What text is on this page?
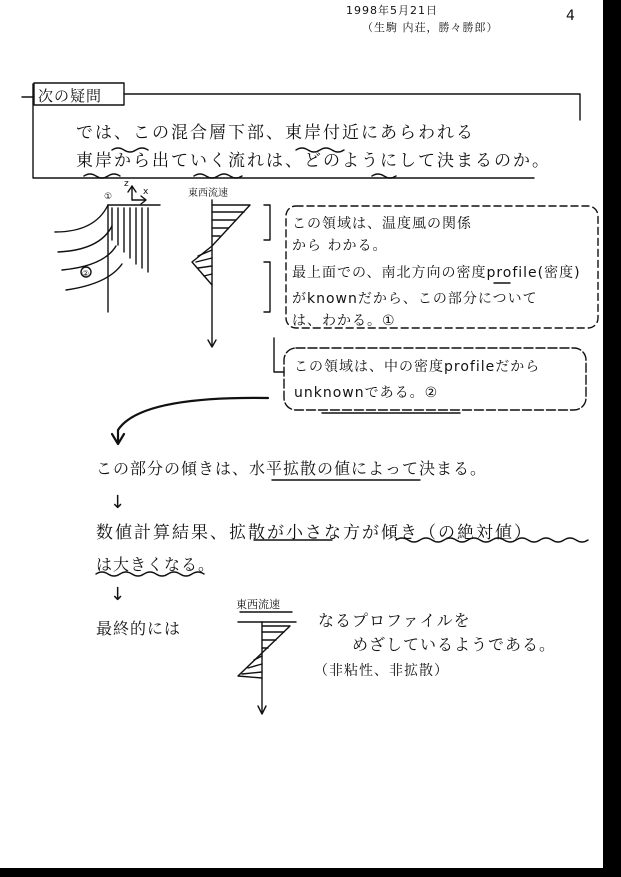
1998年5月21日
（生駒 内荘，勝々勝郎）
4
①
②
x
z
東西流速
東西流速
次の疑問
では、この混合層下部、東岸付近にあらわれる
東岸から出ていく流れは、どのようにして決まるのか。
この領域は、温度風の関係
から わかる。
最上面での、南北方向の密度profile(密度)
がknownだから、この部分について
は、わかる。①
この領域は、中の密度profileだから
unknownである。②
この部分の傾きは、水平拡散の値によって決まる。
↓
数値計算結果、拡散が小さな方が傾き（の絶対値）
は大きくなる。
↓
最終的には	なるプロファイルを
めざしているようである。
（非粘性、非拡散）
